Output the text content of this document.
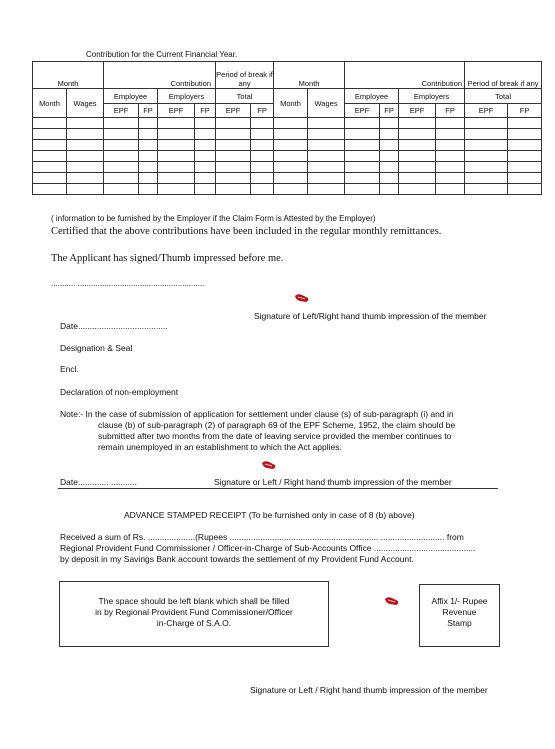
Contribution for the Current Financial Year.
Month		Contribution				Period of break if any		Month		Contribution				Period of break if any	
Month	Wages	Employee		Employers		Total		Month	Wages	Employee		Employers		Total	
		EPF	FP	EPF	FP	EPF	FP			EPF	FP	EPF	FP	EPF	FP

( information to be furnished by the Employer if the Claim Form is Attested by the Employer)
Certified that the above contributions have been included in the regular monthly remittances.
The Applicant has signed/Thumb impressed before me.
........... .........................................................
Signature of Left/Right hand thumb impression of the member
Date......................................
Designation & Seal
Encl.
Declaration of non-employment
Note:- In the case of submission of application for settlement under clause (s) of sub-paragraph (i) and in
clause (b) of sub-paragraph (2) of paragraph 69 of the EPF Scheme, 1952, the claim should be
submitted after two months from the date of leaving service provided the member continues to
remain unemployed in an establishment to which the Act applies.
Date............. ...........	Signature or Left / Right hand thumb impression of the member
ADVANCE STAMPED RECEIPT (To be furnished only in case of 8 (b) above)
Received a sum of Rs. ....................(Rupees ............................................................... ........................... from
Regional Provident Fund Commissioner / Officer-in-Charge of Sub-Accounts Office ...........................................
by deposit in my Savings Bank account towards the settlement of my Provident Fund Account.
The space should be left blank which shall be filled
in by Regional Provident Fund Commissioner/Officer
in-Charge of S.A.O.
Affix 1/- Rupee
Revenue
Stamp
Signature or Left / Right hand thumb impression of the member
